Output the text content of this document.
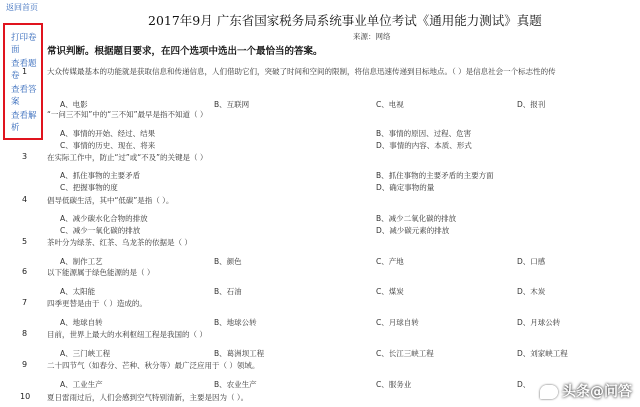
返回首页
打印卷面
查看题卷
查看答案
查看解析
2017年9月 广东省国家税务局系统事业单位考试《通用能力测试》真题
来源：网络
常识判断。根据题目要求，在四个选项中选出一个最恰当的答案。
1	大众传媒最基本的功能就是获取信息和传递信息，人们借助它们，突破了时间和空间的限制，将信息迅速传递到目标地点。（ ）是信息社会一个标志性的传
A、电影	B、互联网	C、电视	D、报刊
“一问三不知”中的“三不知”最早是指不知道（ ）
A、事情的开始、经过、结果	B、事情的原因、过程、危害
C、事情的历史、现在、将来	D、事情的内容、本质、形式
3	在实际工作中，防止“过”或“不及”的关键是（ ）
A、抓住事物的主要矛盾	B、抓住事物的主要矛盾的主要方面
C、把握事物的度	D、确定事物的量
4	倡导低碳生活，其中“低碳”是指（ ）。
A、减少碳水化合物的排放	B、减少二氧化碳的排放
C、减少一氧化碳的排放	D、减少碳元素的排放
5	茶叶分为绿茶、红茶、乌龙茶的依据是（ ）
A、制作工艺	B、颜色	C、产地	D、口感
6	以下能源属于绿色能源的是（ ）
A、太阳能	B、石油	C、煤炭	D、木炭
7	四季更替是由于（ ）造成的。
A、地球自转	B、地球公转	C、月球自转	D、月球公转
8	目前，世界上最大的水利枢纽工程是我国的（ ）
A、三门峡工程	B、葛洲坝工程	C、长江三峡工程	D、刘家峡工程
9	二十四节气（如春分、芒种、秋分等）最广泛应用于（ ）领域。
A、工业生产	B、农业生产	C、服务业	D、
10 夏日雷雨过后，人们会感到空气特别清新，主要是因为（ ）。	头条@问答
